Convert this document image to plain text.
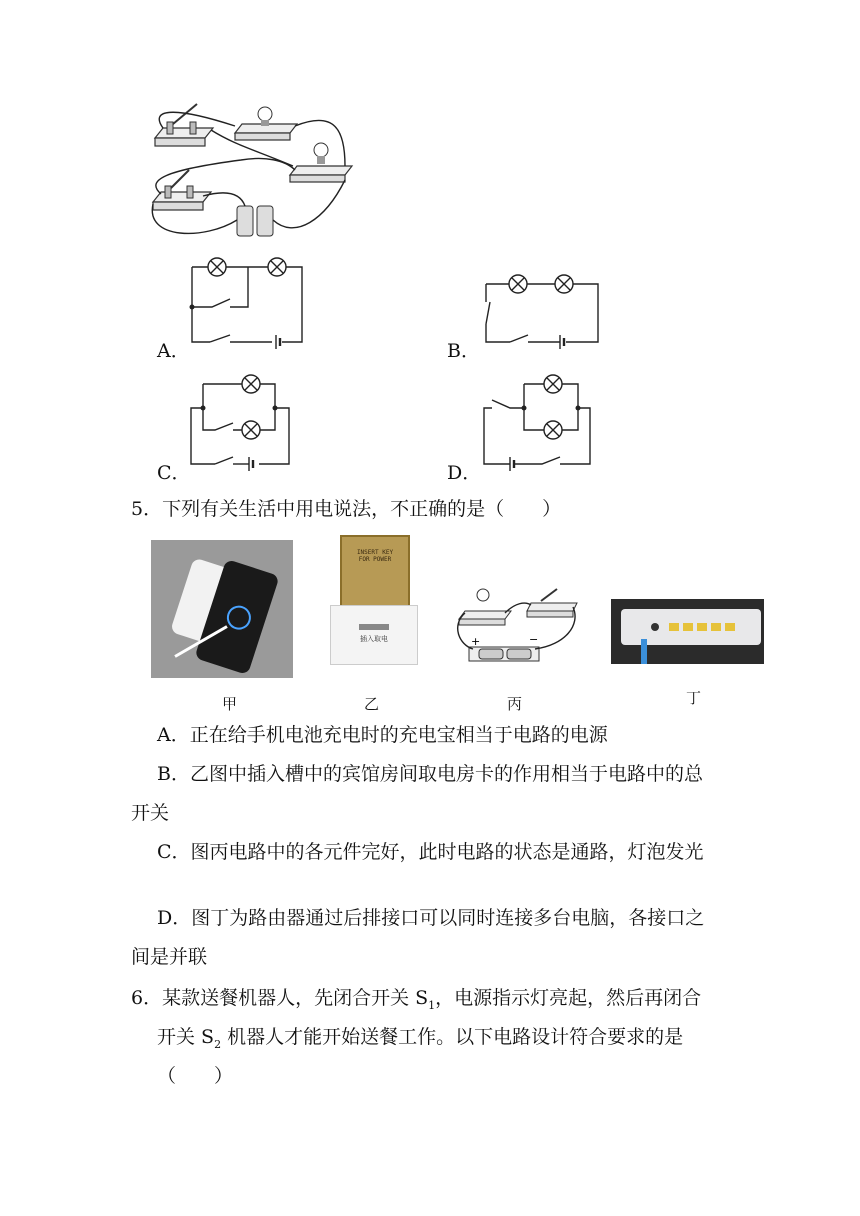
A．	B．
C．	D．
5．下列有关生活中用电说法，不正确的是（　　）
甲
INSERT KEY
FOR POWER
插入取电
乙
+	−
丙	丁
A．正在给手机电池充电时的充电宝相当于电路的电源
B．乙图中插入槽中的宾馆房间取电房卡的作用相当于电路中的总
开关
C．图丙电路中的各元件完好，此时电路的状态是通路，灯泡发光
D．图丁为路由器通过后排接口可以同时连接多台电脑，各接口之
间是并联
6．某款送餐机器人，先闭合开关 $S_1$，电源指示灯亮起，然后再闭合
开关 $S_2$ 机器人才能开始送餐工作。以下电路设计符合要求的是
（　　）
